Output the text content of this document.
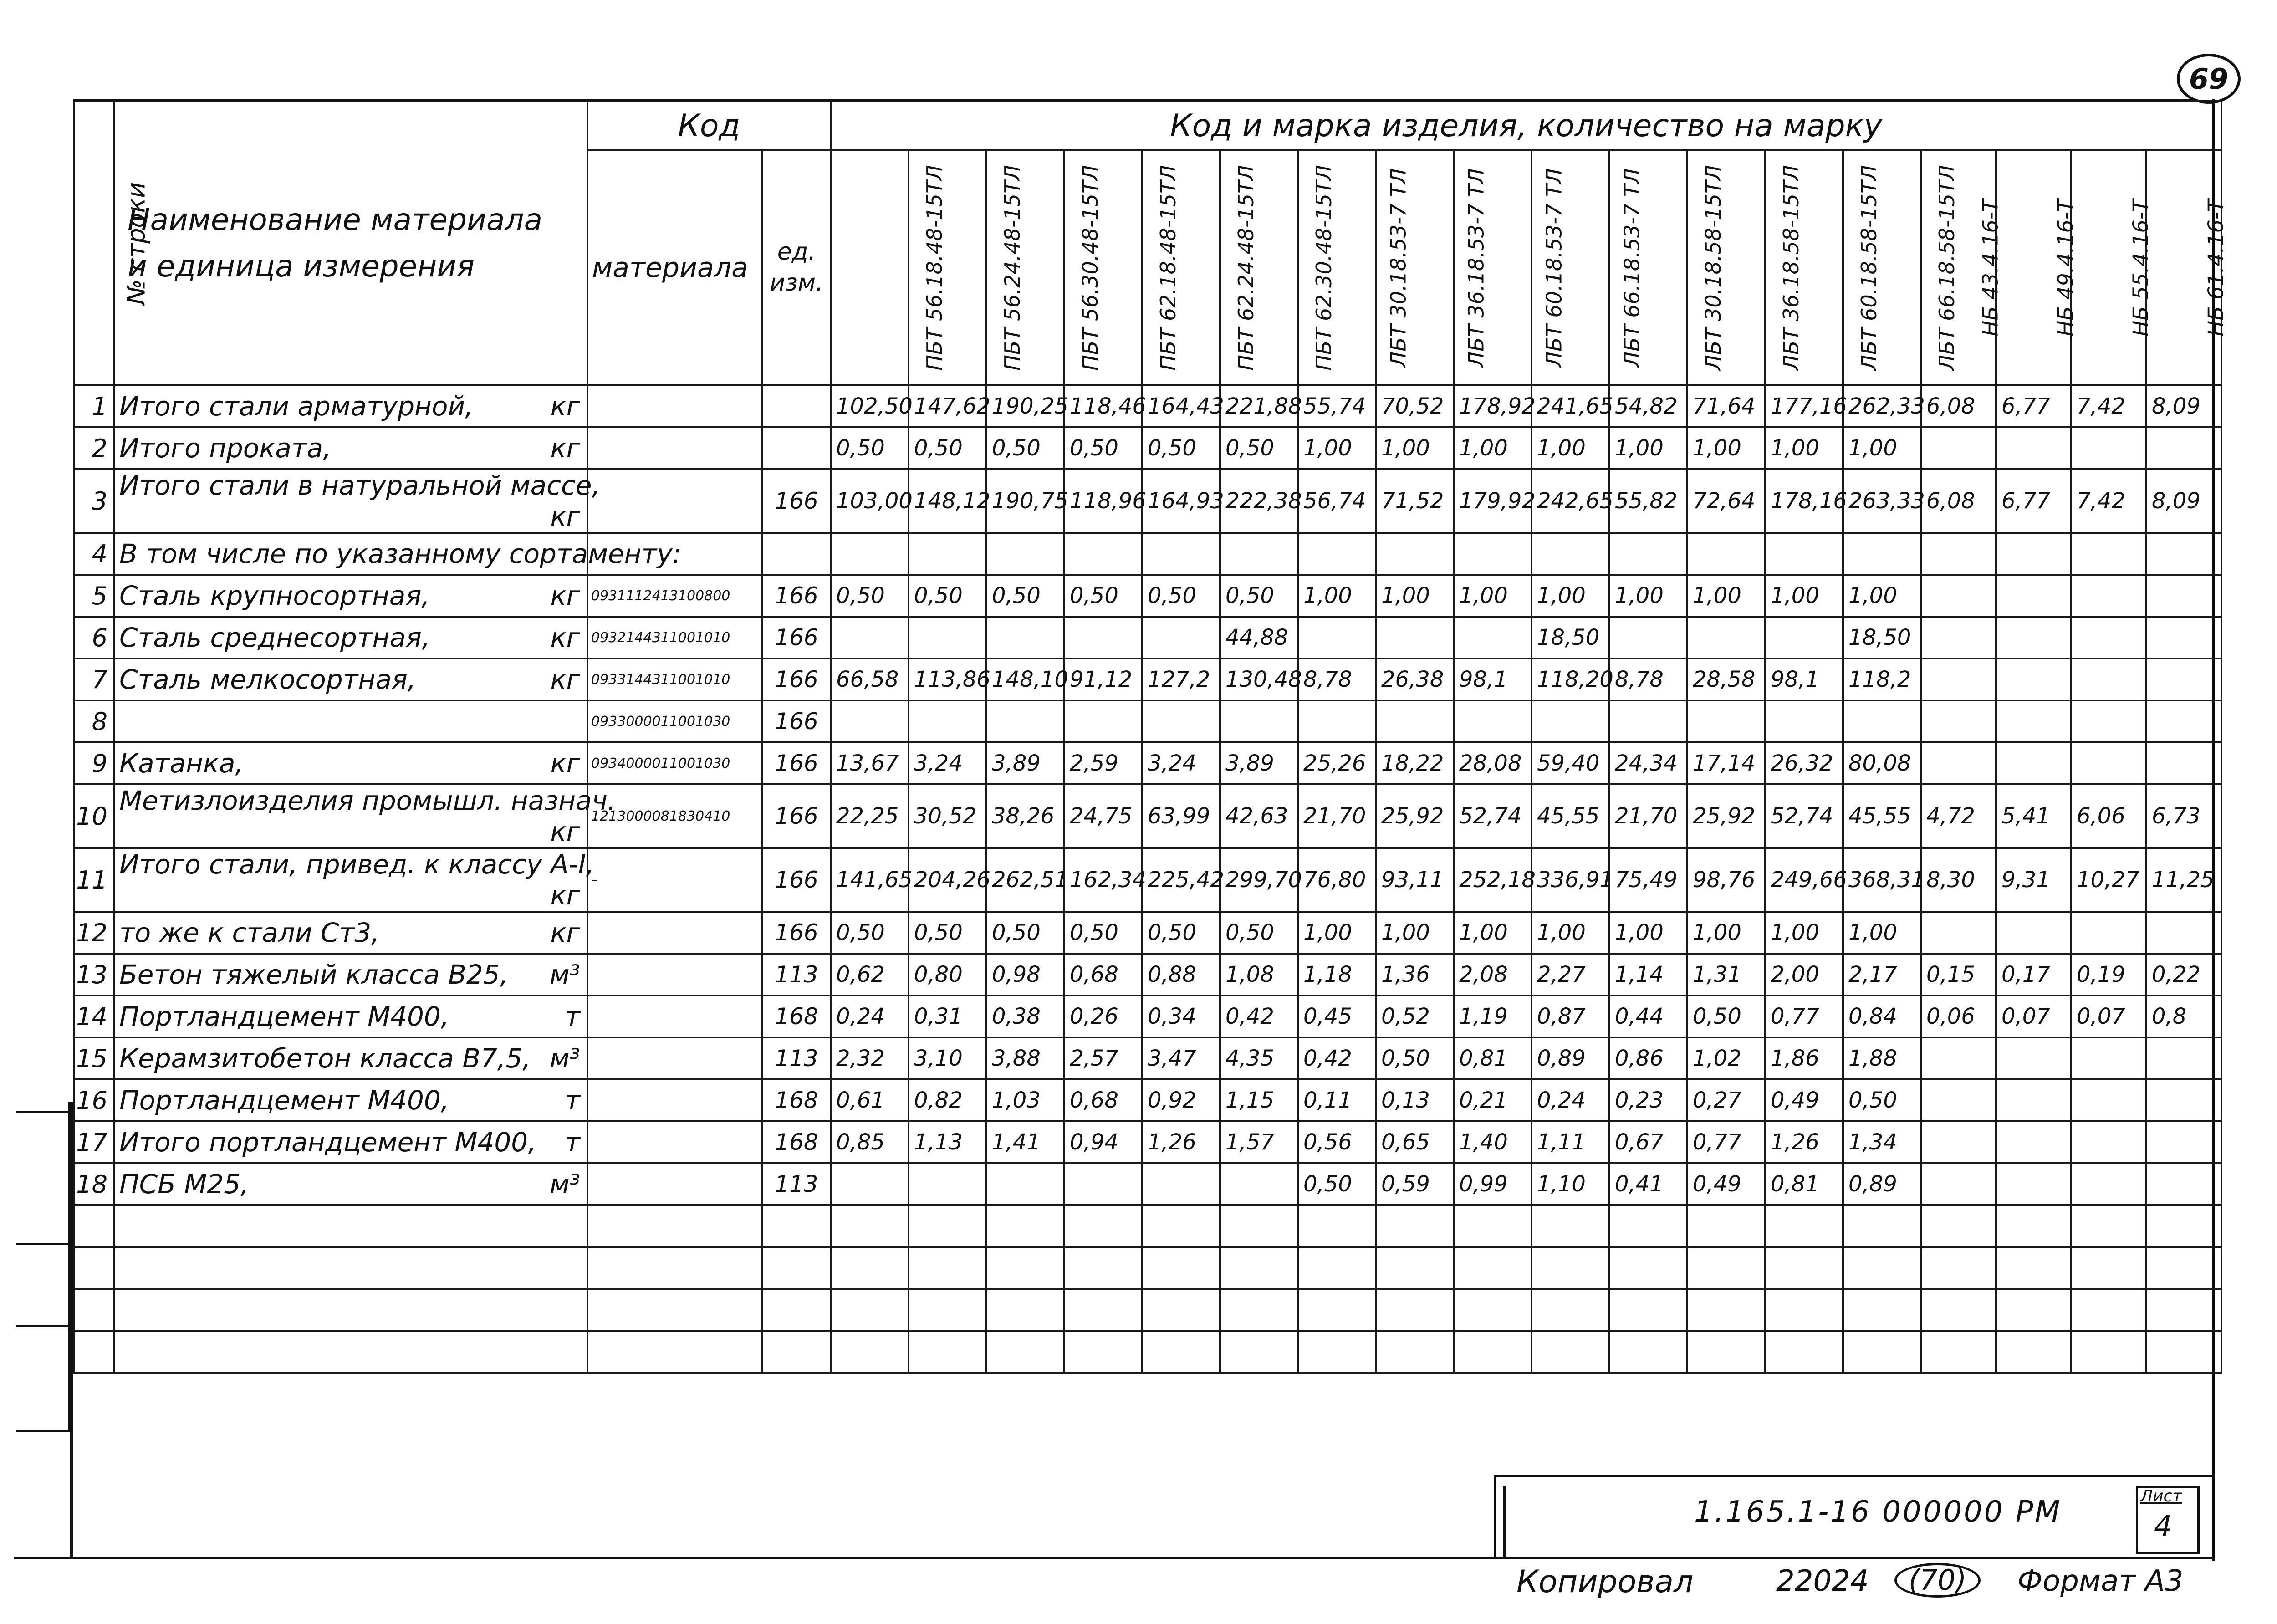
69
№ строки	Наименование материала
и единица измерения	Код		Код и марка изделия, количество на марку																	
		материала	ед. изм.	ПБТ 56.18.48-15ТЛ	ПБТ 56.24.48-15ТЛ	ПБТ 56.30.48-15ТЛ	ПБТ 62.18.48-15ТЛ	ПБТ 62.24.48-15ТЛ	ПБТ 62.30.48-15ТЛ	ЛБТ 30.18.53-7 ТЛ	ЛБТ 36.18.53-7 ТЛ	ЛБТ 60.18.53-7 ТЛ	ЛБТ 66.18.53-7 ТЛ	ЛБТ 30.18.58-15ТЛ	ЛБТ 36.18.58-15ТЛ	ЛБТ 60.18.58-15ТЛ	ЛБТ 66.18.58-15ТЛ	НБ 43.4.16-Т	НБ 49.4.16-Т	НБ 55.4.16-Т	НБ 61.4.16-Т
1	Итого стали арматурной, кг			102,50	147,62	190,25	118,46	164,43	221,88	55,74	70,52	178,92	241,65	54,82	71,64	177,16	262,33	6,08	6,77	7,42	8,09
2	Итого проката, кг			0,50	0,50	0,50	0,50	0,50	0,50	1,00	1,00	1,00	1,00	1,00	1,00	1,00	1,00				
3	Итого стали в натуральной массе,
кг		166	103,00	148,12	190,75	118,96	164,93	222,38	56,74	71,52	179,92	242,65	55,82	72,64	178,16	263,33	6,08	6,77	7,42	8,09
4	В том числе по указанному сортаменту:																				

5	Сталь крупносортная, кг	0931112413100800	166	0,50	0,50	0,50	0,50	0,50	0,50	1,00	1,00	1,00	1,00	1,00	1,00	1,00	1,00				
6	Сталь среднесортная, кг	0932144311001010	166						44,88				18,50				18,50				
7	Сталь мелкосортная, кг	0933144311001010	166	66,58	113,86	148,10	91,12	127,2	130,48	8,78	26,38	98,1	118,20	8,78	28,58	98,1	118,2				
8		0933000011001030	166																		
9	Катанка, кг	0934000011001030	166	13,67	3,24	3,89	2,59	3,24	3,89	25,26	18,22	28,08	59,40	24,34	17,14	26,32	80,08				
10	Метизлоизделия промышл. назнач.
кг	1213000081830410	166	22,25	30,52	38,26	24,75	63,99	42,63	21,70	25,92	52,74	45,55	21,70	25,92	52,74	45,55	4,72	5,41	6,06	6,73
11	Итого стали, привед. к классу А-I,
кг	–	166	141,65	204,26	262,51	162,34	225,42	299,70	76,80	93,11	252,18	336,91	75,49	98,76	249,66	368,31	8,30	9,31	10,27	11,25
12	то же к стали Ст3, кг		166	0,50	0,50	0,50	0,50	0,50	0,50	1,00	1,00	1,00	1,00	1,00	1,00	1,00	1,00				
13	Бетон тяжелый класса В25, м³		113	0,62	0,80	0,98	0,68	0,88	1,08	1,18	1,36	2,08	2,27	1,14	1,31	2,00	2,17	0,15	0,17	0,19	0,22
14	Портландцемент М400, т		168	0,24	0,31	0,38	0,26	0,34	0,42	0,45	0,52	1,19	0,87	0,44	0,50	0,77	0,84	0,06	0,07	0,07	0,8
15	Керамзитобетон класса В7,5, м³		113	2,32	3,10	3,88	2,57	3,47	4,35	0,42	0,50	0,81	0,89	0,86	1,02	1,86	1,88				
16	Портландцемент М400, т		168	0,61	0,82	1,03	0,68	0,92	1,15	0,11	0,13	0,21	0,24	0,23	0,27	0,49	0,50				
17	Итого портландцемент М400, т		168	0,85	1,13	1,41	0,94	1,26	1,57	0,56	0,65	1,40	1,11	0,67	0,77	1,26	1,34				
18	ПСБ М25, м³		113							0,50	0,59	0,99	1,10	0,41	0,49	0,81	0,89				

1.165.1-16 000000 РМ	Лист
4
Копировал	22024	(70)	Формат А3
